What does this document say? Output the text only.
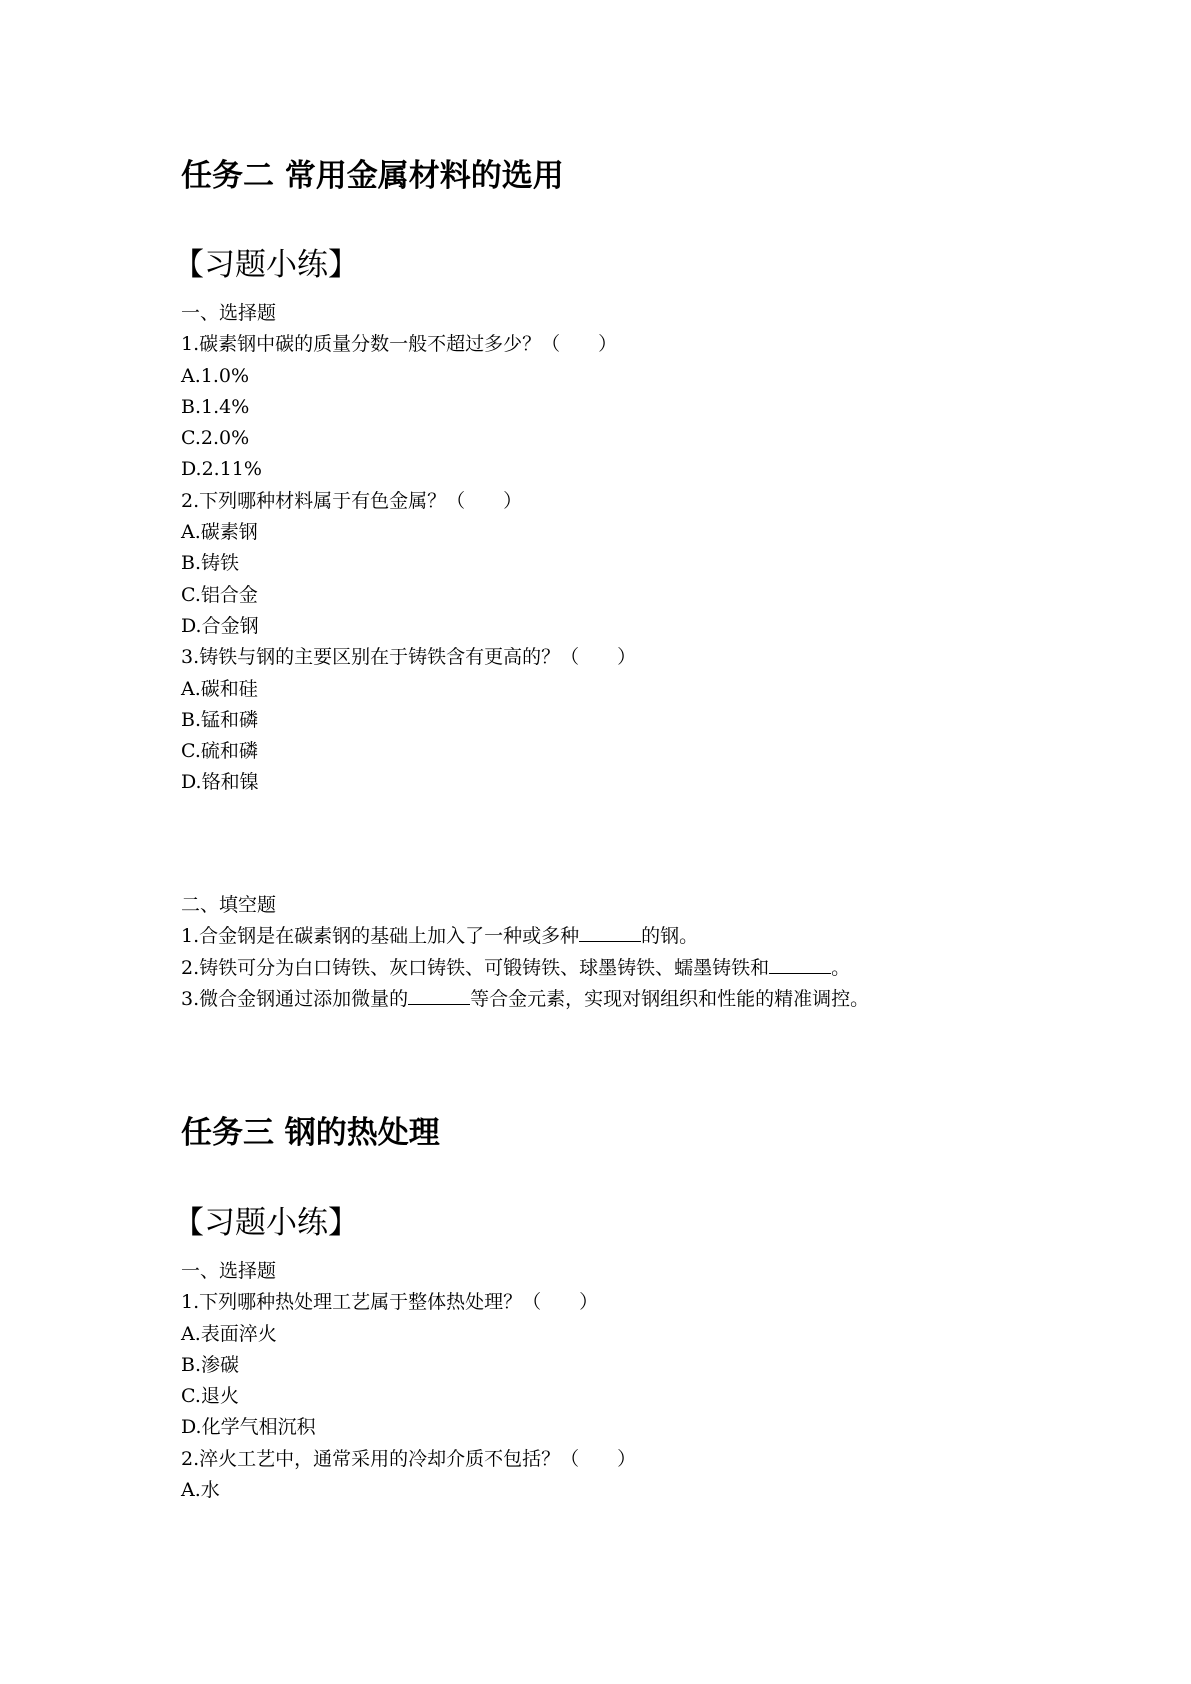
任务二 常用金属材料的选用
【习题小练】
一、选择题
1.碳素钢中碳的质量分数一般不超过多少？（　　）
A.1.0%
B.1.4%
C.2.0%
D.2.11%
2.下列哪种材料属于有色金属？（　　）
A.碳素钢
B.铸铁
C.铝合金
D.合金钢
3.铸铁与钢的主要区别在于铸铁含有更高的？（　　）
A.碳和硅
B.锰和磷
C.硫和磷
D.铬和镍
二、填空题
1.合金钢是在碳素钢的基础上加入了一种或多种	的钢。
2.铸铁可分为白口铸铁、灰口铸铁、可锻铸铁、球墨铸铁、蠕墨铸铁和	。
3.微合金钢通过添加微量的	等合金元素，实现对钢组织和性能的精准调控。
任务三 钢的热处理
【习题小练】
一、选择题
1.下列哪种热处理工艺属于整体热处理？（　　）
A.表面淬火
B.渗碳
C.退火
D.化学气相沉积
2.淬火工艺中，通常采用的冷却介质不包括？（　　）
A.水
